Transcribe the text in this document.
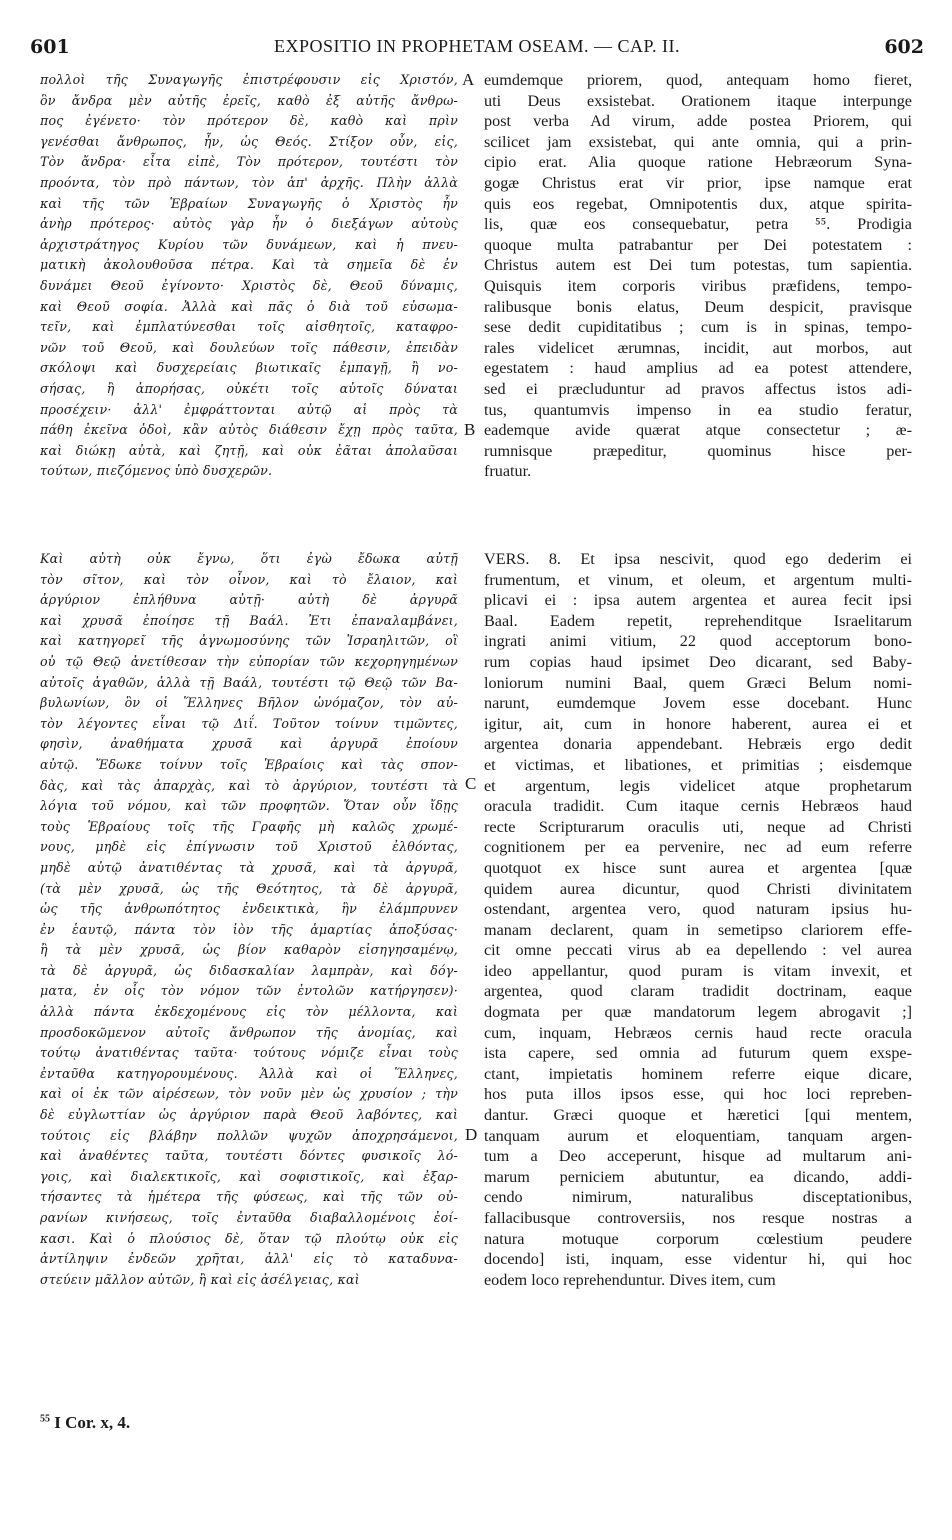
601	EXPOSITIO IN PROPHETAM OSEAM. — CAP. II.	602
πολλοὶ τῆς Συναγωγῆς ἐπιστρέφουσιν εἰς Χριστόν,
ὃν ἄνδρα μὲν αὐτῆς ἐρεῖς, καθὸ ἐξ αὐτῆς ἄνθρω-
πος ἐγένετο· τὸν πρότερον δὲ, καθὸ καὶ πρὶν
γενέσθαι ἄνθρωπος, ἦν, ὡς Θεός. Στίξον οὖν, εἰς,
Τὸν ἄνδρα· εἶτα εἰπὲ, Τὸν πρότερον, τουτέστι τὸν
προόντα, τὸν πρὸ πάντων, τὸν ἀπ' ἀρχῆς. Πλὴν ἀλλὰ
καὶ τῆς τῶν Ἑβραίων Συναγωγῆς ὁ Χριστὸς ἦν
ἀνὴρ πρότερος· αὐτὸς γὰρ ἦν ὁ διεξάγων αὐτοὺς
ἀρχιστράτηγος Κυρίου τῶν δυνάμεων, καὶ ἡ πνευ-
ματικὴ ἀκολουθοῦσα πέτρα. Καὶ τὰ σημεῖα δὲ ἐν
δυνάμει Θεοῦ ἐγίνοντο· Χριστὸς δὲ, Θεοῦ δύναμις,
καὶ Θεοῦ σοφία. Ἀλλὰ καὶ πᾶς ὁ διὰ τοῦ εὐσωμα-
τεῖν, καὶ ἐμπλατύνεσθαι τοῖς αἰσθητοῖς, καταφρο-
νῶν τοῦ Θεοῦ, καὶ δουλεύων τοῖς πάθεσιν, ἐπειδὰν
σκόλοψι καὶ δυσχερείαις βιωτικαῖς ἐμπαγῇ, ἢ νο-
σήσας, ἢ ἀπορήσας, οὐκέτι τοῖς αὐτοῖς δύναται
προσέχειν· ἀλλ' ἐμφράττονται αὐτῷ αἱ πρὸς τὰ
πάθη ἐκεῖνα ὁδοὶ, κἂν αὐτὸς διάθεσιν ἔχῃ πρὸς ταῦτα,
καὶ διώκῃ αὐτὰ, καὶ ζητῇ, καὶ οὐκ ἐᾶται ἀπολαῦσαι
τούτων, πιεζόμενος ὑπὸ δυσχερῶν.
eumdemque priorem, quod, antequam homo fieret,
uti Deus exsistebat. Orationem itaque interpunge
post verba Ad virum, adde postea Priorem, qui
scilicet jam exsistebat, qui ante omnia, qui a prin-
cipio erat. Alia quoque ratione Hebræorum Syna-
gogæ Christus erat vir prior, ipse namque erat
quis eos regebat, Omnipotentis dux, atque spirita-
lis, quæ eos consequebatur, petra ⁵⁵. Prodigia
quoque multa patrabantur per Dei potestatem :
Christus autem est Dei tum potestas, tum sapientia.
Quisquis item corporis viribus præfidens, tempo-
ralibusque bonis elatus, Deum despicit, pravisque
sese dedit cupiditatibus ; cum is in spinas, tempo-
rales videlicet ærumnas, incidit, aut morbos, aut
egestatem : haud amplius ad ea potest attendere,
sed ei præcluduntur ad pravos affectus istos adi-
tus, quantumvis impenso in ea studio feratur,
eademque avide quærat atque consectetur ; æ-
rumnisque præpeditur, quominus hisce per-
fruatur.
Καὶ αὐτὴ οὐκ ἔγνω, ὅτι ἐγὼ ἔδωκα αὐτῇ
τὸν σῖτον, καὶ τὸν οἶνον, καὶ τὸ ἔλαιον, καὶ
ἀργύριον ἐπλήθυνα αὐτῇ· αὐτὴ δὲ ἀργυρᾶ
καὶ χρυσᾶ ἐποίησε τῇ Βαάλ. Ἐτι ἐπαναλαμβάνει,
καὶ κατηγορεῖ τῆς ἀγνωμοσύνης τῶν Ἰσραηλιτῶν, οἳ
οὐ τῷ Θεῷ ἀνετίθεσαν τὴν εὐπορίαν τῶν κεχορηγημένων
αὐτοῖς ἀγαθῶν, ἀλλὰ τῇ Βαάλ, τουτέστι τῷ Θεῷ τῶν Βα-
βυλωνίων, ὃν οἱ Ἕλληνες Βῆλον ὠνόμαζον, τὸν αὐ-
τὸν λέγοντες εἶναι τῷ Διΐ. Τοῦτον τοίνυν τιμῶντες,
φησὶν, ἀναθήματα χρυσᾶ καὶ ἀργυρᾶ ἐποίουν
αὐτῷ. Ἔδωκε τοίνυν τοῖς Ἑβραίοις καὶ τὰς σπον-
δὰς, καὶ τὰς ἀπαρχὰς, καὶ τὸ ἀργύριον, τουτέστι τὰ
λόγια τοῦ νόμου, καὶ τῶν προφητῶν. Ὅταν οὖν ἴδῃς
τοὺς Ἑβραίους τοῖς τῆς Γραφῆς μὴ καλῶς χρωμέ-
νους, μηδὲ εἰς ἐπίγνωσιν τοῦ Χριστοῦ ἐλθόντας,
μηδὲ αὐτῷ ἀνατιθέντας τὰ χρυσᾶ, καὶ τὰ ἀργυρᾶ,
(τὰ μὲν χρυσᾶ, ὡς τῆς Θεότητος, τὰ δὲ ἀργυρᾶ,
ὡς τῆς ἀνθρωπότητος ἐνδεικτικὰ, ἣν ἐλάμπρυνεν
ἐν ἑαυτῷ, πάντα τὸν ἰὸν τῆς ἁμαρτίας ἀποξύσας·
ἢ τὰ μὲν χρυσᾶ, ὡς βίον καθαρὸν εἰσηγησαμένῳ,
τὰ δὲ ἀργυρᾶ, ὡς διδασκαλίαν λαμπρὰν, καὶ δόγ-
ματα, ἐν οἷς τὸν νόμον τῶν ἐντολῶν κατήργησεν)·
ἀλλὰ πάντα ἐκδεχομένους εἰς τὸν μέλλοντα, καὶ
προσδοκῶμενον αὐτοῖς ἄνθρωπον τῆς ἀνομίας, καὶ
τούτῳ ἀνατιθέντας ταῦτα· τούτους νόμιζε εἶναι τοὺς
ἐνταῦθα κατηγορουμένους. Ἀλλὰ καὶ οἱ Ἕλληνες,
καὶ οἱ ἐκ τῶν αἱρέσεων, τὸν νοῦν μὲν ὡς χρυσίον ; τὴν
δὲ εὐγλωττίαν ὡς ἀργύριον παρὰ Θεοῦ λαβόντες, καὶ
τούτοις εἰς βλάβην πολλῶν ψυχῶν ἀποχρησάμενοι,
καὶ ἀναθέντες ταῦτα, τουτέστι δόντες φυσικοῖς λό-
γοις, καὶ διαλεκτικοῖς, καὶ σοφιστικοῖς, καὶ ἐξαρ-
τήσαντες τὰ ἡμέτερα τῆς φύσεως, καὶ τῆς τῶν οὐ-
ρανίων κινήσεως, τοῖς ἐνταῦθα διαβαλλομένοις ἐοί-
κασι. Καὶ ὁ πλούσιος δὲ, ὅταν τῷ πλούτῳ οὐκ εἰς
ἀντίληψιν ἐνδεῶν χρῆται, ἀλλ' εἰς τὸ καταδυνα-
στεύειν μᾶλλον αὐτῶν, ἢ καὶ εἰς ἀσέλγειας, καὶ
VERS. 8. Et ipsa nescivit, quod ego dederim ei
frumentum, et vinum, et oleum, et argentum multi-
plicavi ei : ipsa autem argentea et aurea fecit ipsi
Baal. Eadem repetit, reprehenditque Israelitarum
ingrati animi vitium, 22 quod acceptorum bono-
rum copias haud ipsimet Deo dicarant, sed Baby-
loniorum numini Baal, quem Græci Belum nomi-
narunt, eumdemque Jovem esse docebant. Hunc
igitur, ait, cum in honore haberent, aurea ei et
argentea donaria appendebant. Hebræis ergo dedit
et victimas, et libationes, et primitias ; eisdemque
et argentum, legis videlicet atque prophetarum
oracula tradidit. Cum itaque cernis Hebræos haud
recte Scripturarum oraculis uti, neque ad Christi
cognitionem per ea pervenire, nec ad eum referre
quotquot ex hisce sunt aurea et argentea [quæ
quidem aurea dicuntur, quod Christi divinitatem
ostendant, argentea vero, quod naturam ipsius hu-
manam declarent, quam in semetipso clariorem effe-
cit omne peccati virus ab ea depellendo : vel aurea
ideo appellantur, quod puram is vitam invexit, et
argentea, quod claram tradidit doctrinam, eaque
dogmata per quæ mandatorum legem abrogavit ;]
cum, inquam, Hebræos cernis haud recte oracula
ista capere, sed omnia ad futurum quem exspe-
ctant, impietatis hominem referre eique dicare,
hos puta illos ipsos esse, qui hoc loci repreben-
dantur. Græci quoque et hæretici [qui mentem,
tanquam aurum et eloquentiam, tanquam argen-
tum a Deo acceperunt, hisque ad multarum ani-
marum perniciem abutuntur, ea dicando, addi-
cendo nimirum, naturalibus disceptationibus,
fallacibusque controversiis, nos resque nostras a
natura motuque corporum cœlestium peudere
docendo] isti, inquam, esse videntur hi, qui hoc
eodem loco reprehenduntur. Dives item, cum
A
B
C
D
$^{55}$ I Cor. x, 4.
